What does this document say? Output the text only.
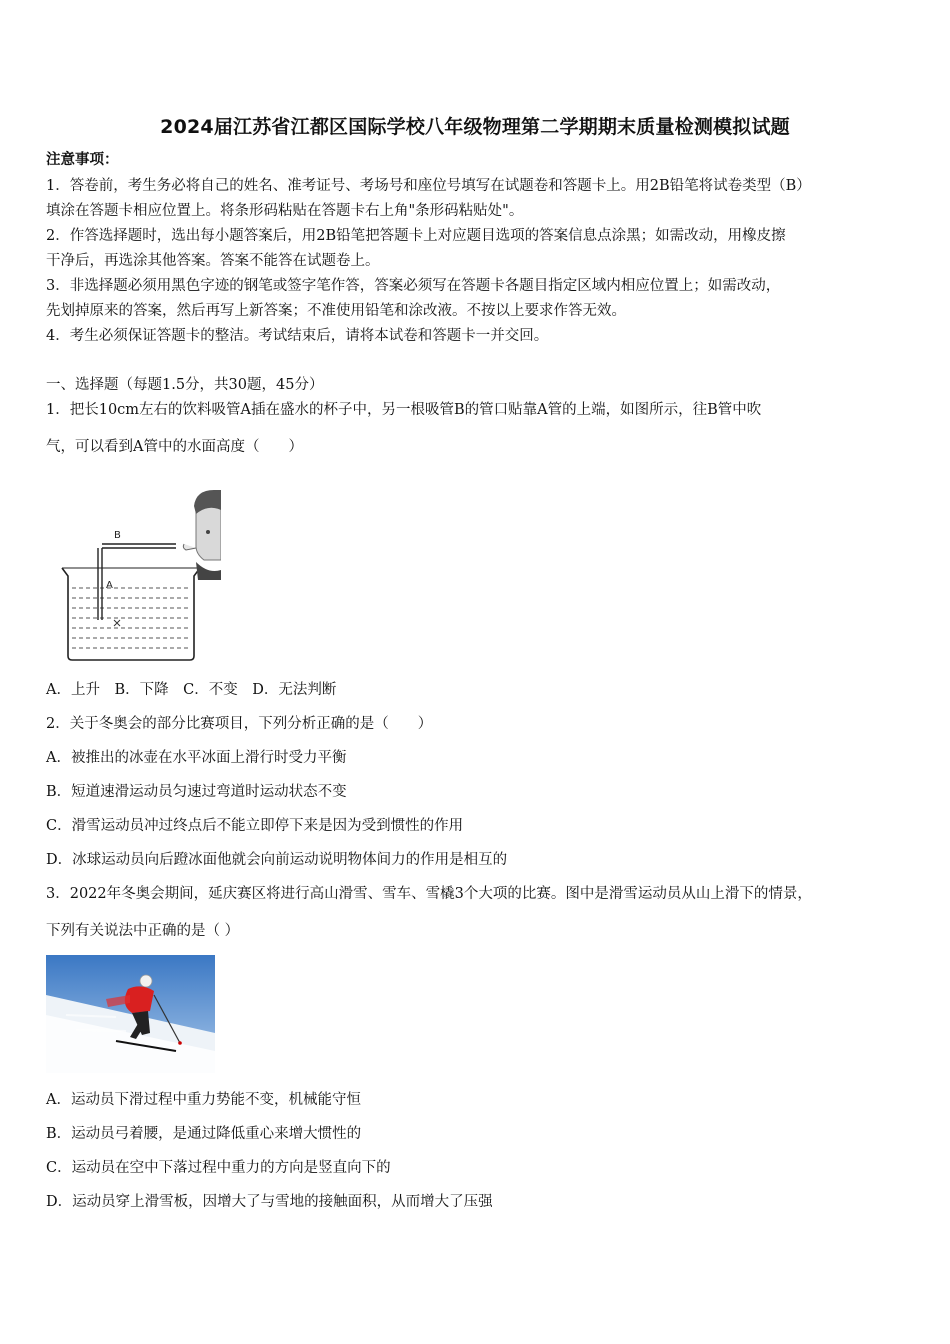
2024届江苏省江都区国际学校八年级物理第二学期期末质量检测模拟试题
注意事项：
1．答卷前，考生务必将自己的姓名、准考证号、考场号和座位号填写在试题卷和答题卡上。用2B铅笔将试卷类型（B）
填涂在答题卡相应位置上。将条形码粘贴在答题卡右上角"条形码粘贴处"。
2．作答选择题时，选出每小题答案后，用2B铅笔把答题卡上对应题目选项的答案信息点涂黑；如需改动，用橡皮擦
干净后，再选涂其他答案。答案不能答在试题卷上。
3．非选择题必须用黑色字迹的钢笔或签字笔作答，答案必须写在答题卡各题目指定区域内相应位置上；如需改动，
先划掉原来的答案，然后再写上新答案；不准使用铅笔和涂改液。不按以上要求作答无效。
4．考生必须保证答题卡的整洁。考试结束后，请将本试卷和答题卡一并交回。
一、选择题（每题1.5分，共30题，45分）
1．把长10cm左右的饮料吸管A插在盛水的杯子中，另一根吸管B的管口贴靠A管的上端，如图所示，往B管中吹
气，可以看到A管中的水面高度（　　）
A
B
A．上升　B．下降　C．不变　D．无法判断
2．关于冬奥会的部分比赛项目，下列分析正确的是（　　）
A．被推出的冰壶在水平冰面上滑行时受力平衡
B．短道速滑运动员匀速过弯道时运动状态不变
C．滑雪运动员冲过终点后不能立即停下来是因为受到惯性的作用
D．冰球运动员向后蹬冰面他就会向前运动说明物体间力的作用是相互的
3．2022年冬奥会期间，延庆赛区将进行高山滑雪、雪车、雪橇3个大项的比赛。图中是滑雪运动员从山上滑下的情景，
下列有关说法中正确的是（ ）
A．运动员下滑过程中重力势能不变，机械能守恒
B．运动员弓着腰，是通过降低重心来增大惯性的
C．运动员在空中下落过程中重力的方向是竖直向下的
D．运动员穿上滑雪板，因增大了与雪地的接触面积，从而增大了压强
